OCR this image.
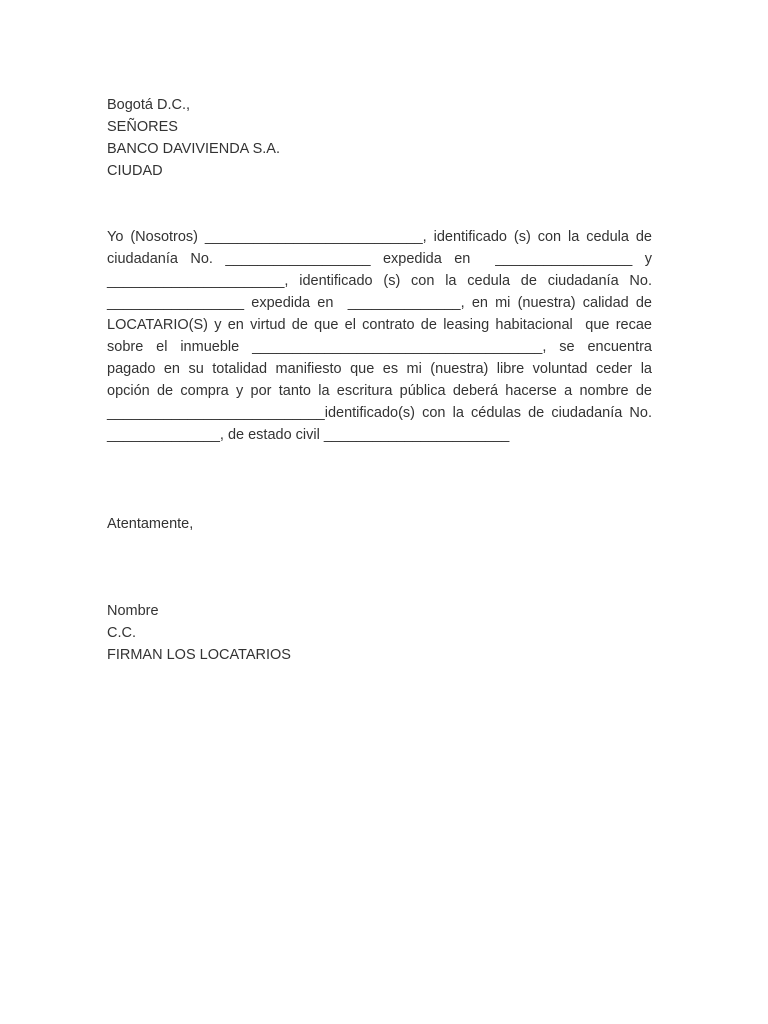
Bogotá D.C.,
SEÑORES
BANCO DAVIVIENDA S.A.
CIUDAD
Yo (Nosotros) ___________________________, identificado (s) con la cedula de
ciudadanía No. __________________ expedida en  _________________ y
______________________, identificado (s) con la cedula de ciudadanía No.
_________________ expedida en  ______________, en mi (nuestra) calidad de
LOCATARIO(S) y en virtud de que el contrato de leasing habitacional  que recae
sobre el inmueble ____________________________________, se encuentra
pagado en su totalidad manifiesto que es mi (nuestra) libre voluntad ceder la
opción de compra y por tanto la escritura pública deberá hacerse a nombre de
___________________________identificado(s) con la cédulas de ciudadanía No.
______________, de estado civil _______________________
Atentamente,
Nombre
C.C.
FIRMAN LOS LOCATARIOS
